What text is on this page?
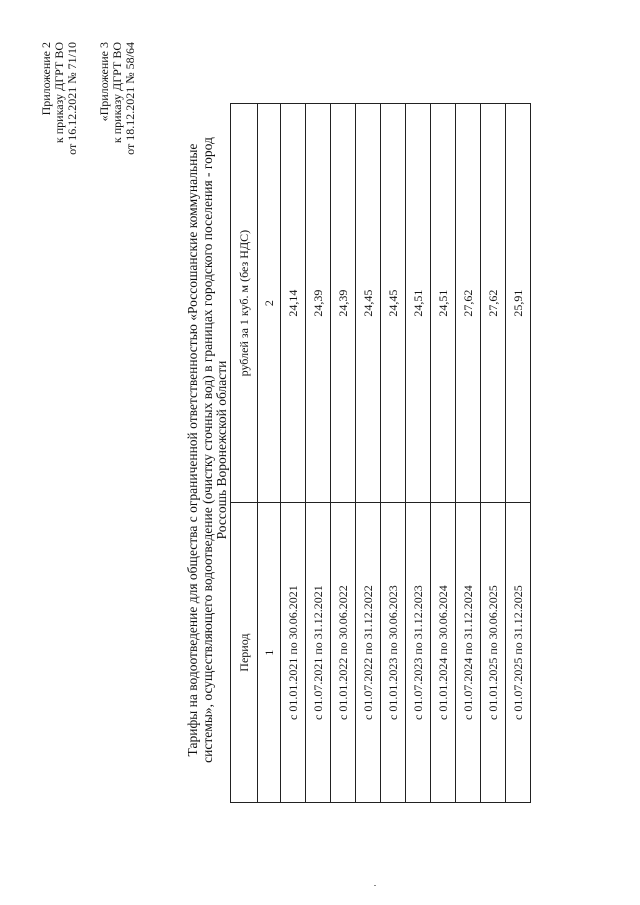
Приложение 2 к приказу ДГРТ ВО от 16.12.2021 № 71/10 «Приложение 3 к приказу ДГРТ ВО от 18.12.2021 № 58/64
Тарифы на водоотведение для общества с ограниченной ответственностью «Россошанские коммунальные системы», осуществляющего водоотведение (очистку сточных вод) в границах городского поселения - город Россошь Воронежской области
Период	рублей за 1 куб. м (без НДС)
1	2
с 01.01.2021 по 30.06.2021	24,14
с 01.07.2021 по 31.12.2021	24,39
с 01.01.2022 по 30.06.2022	24,39
с 01.07.2022 по 31.12.2022	24,45
с 01.01.2023 по 30.06.2023	24,45
с 01.07.2023 по 31.12.2023	24,51
с 01.01.2024 по 30.06.2024	24,51
с 01.07.2024 по 31.12.2024	27,62
с 01.01.2025 по 30.06.2025	27,62
с 01.07.2025 по 31.12.2025	25,91
